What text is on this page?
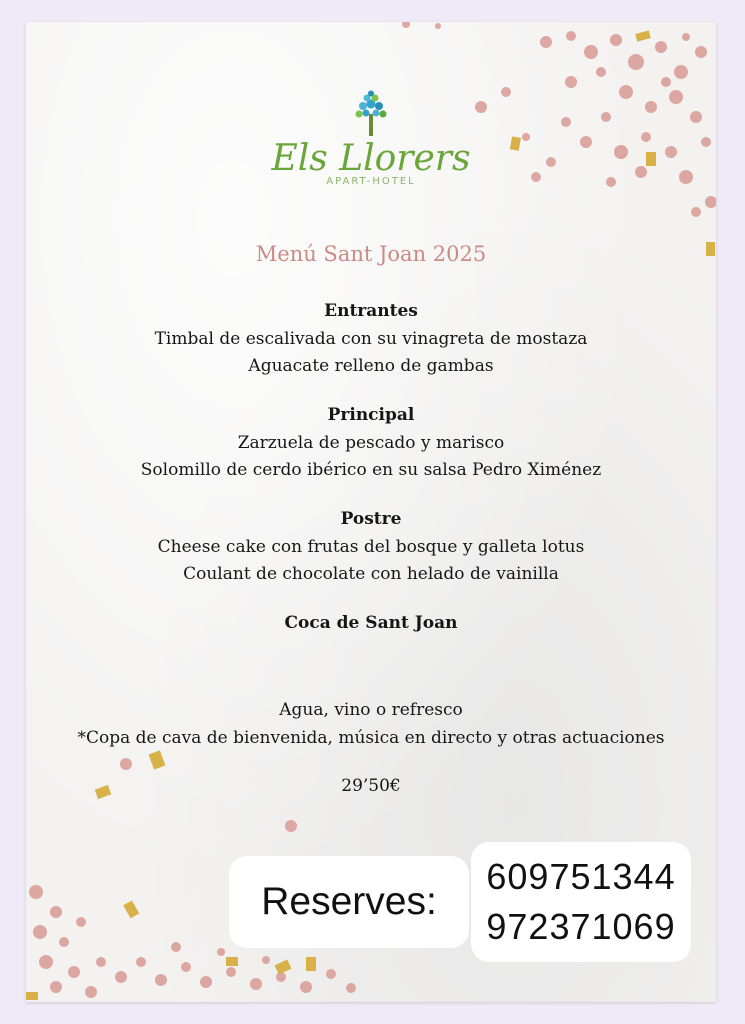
Els Llorers
APART-HOTEL
Menú Sant Joan 2025
Entrantes
Timbal de escalivada con su vinagreta de mostaza
Aguacate relleno de gambas
Principal
Zarzuela de pescado y marisco
Solomillo de cerdo ibérico en su salsa Pedro Ximénez
Postre
Cheese cake con frutas del bosque y galleta lotus
Coulant de chocolate con helado de vainilla
Coca de Sant Joan
Agua, vino o refresco
*Copa de cava de bienvenida, música en directo y otras actuaciones
29’50€
Reserves:
609751344
972371069
